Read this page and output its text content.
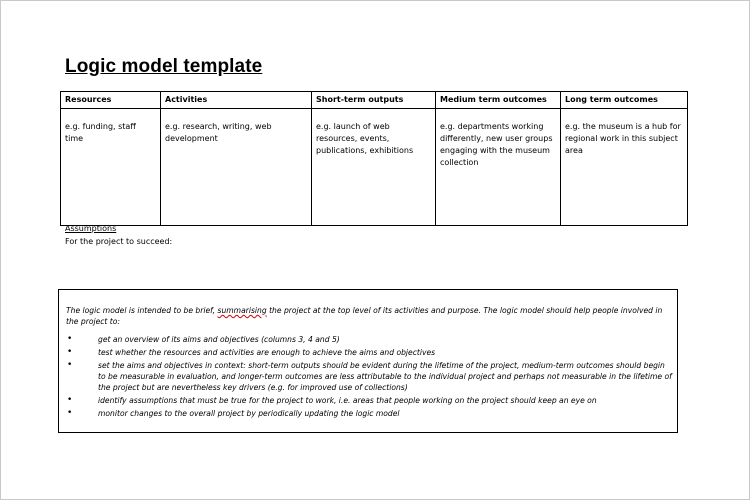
Logic model template
Resources	Activities	Short-term outputs	Medium term outcomes	Long term outcomes
e.g. funding, staff time	e.g. research, writing, web development	e.g. launch of web resources, events, publications, exhibitions	e.g. departments working differently, new user groups engaging with the museum collection	e.g. the museum is a hub for regional work in this subject area
Assumptions
For the project to succeed:
The logic model is intended to be brief, summarising the project at the top level of its activities and purpose. The logic model should help people involved in the project to:
•	get an overview of its aims and objectives (columns 3, 4 and 5)
•	test whether the resources and activities are enough to achieve the aims and objectives
•	set the aims and objectives in context: short-term outputs should be evident during the lifetime of the project, medium-term outcomes should begin to be measurable in evaluation, and longer-term outcomes are less attributable to the individual project and perhaps not measurable in the lifetime of the project but are nevertheless key drivers (e.g. for improved use of collections)
•	identify assumptions that must be true for the project to work, i.e. areas that people working on the project should keep an eye on
•	monitor changes to the overall project by periodically updating the logic model
